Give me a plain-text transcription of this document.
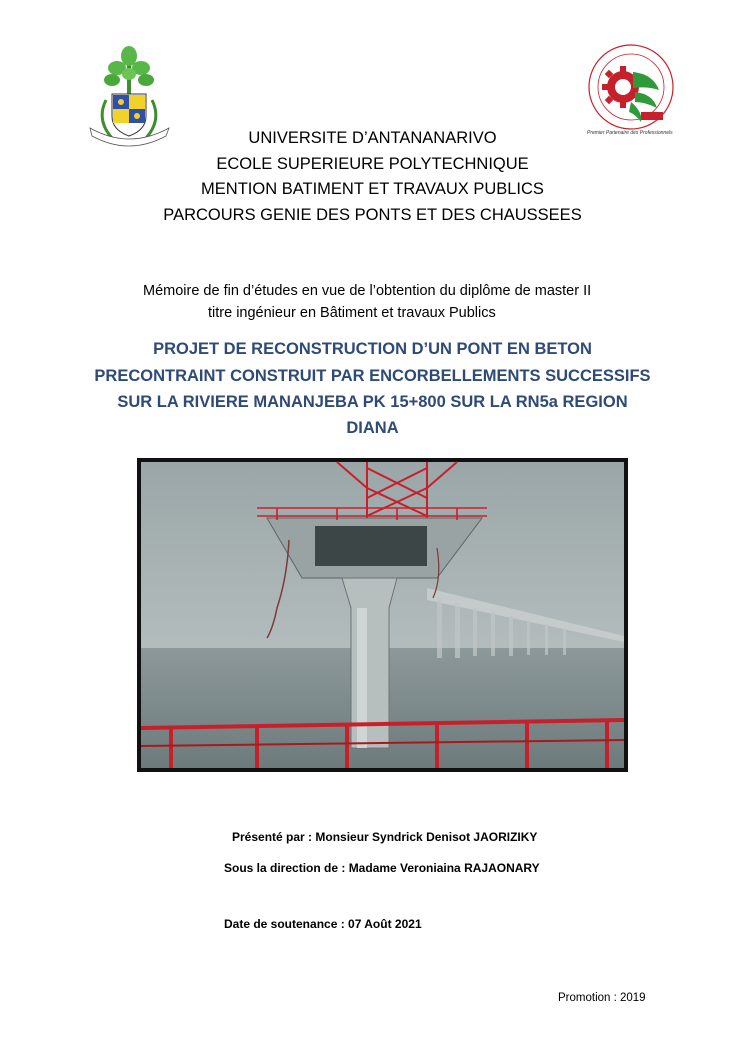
Premier Partenaire des Professionnels
UNIVERSITE D’ANTANANARIVO
ECOLE SUPERIEURE POLYTECHNIQUE
MENTION BATIMENT ET TRAVAUX PUBLICS
PARCOURS GENIE DES PONTS ET DES CHAUSSEES
Mémoire de fin d’études en vue de l’obtention du diplôme de master II
titre ingénieur en Bâtiment et travaux Publics
PROJET DE RECONSTRUCTION D’UN PONT EN BETON
PRECONTRAINT CONSTRUIT PAR ENCORBELLEMENTS SUCCESSIFS
SUR LA RIVIERE MANANJEBA PK 15+800 SUR LA RN5a REGION
DIANA
Présenté par : Monsieur Syndrick Denisot JAORIZIKY
Sous la direction de : Madame Veroniaina RAJAONARY
Date de soutenance : 07 Août 2021
Promotion : 2019
